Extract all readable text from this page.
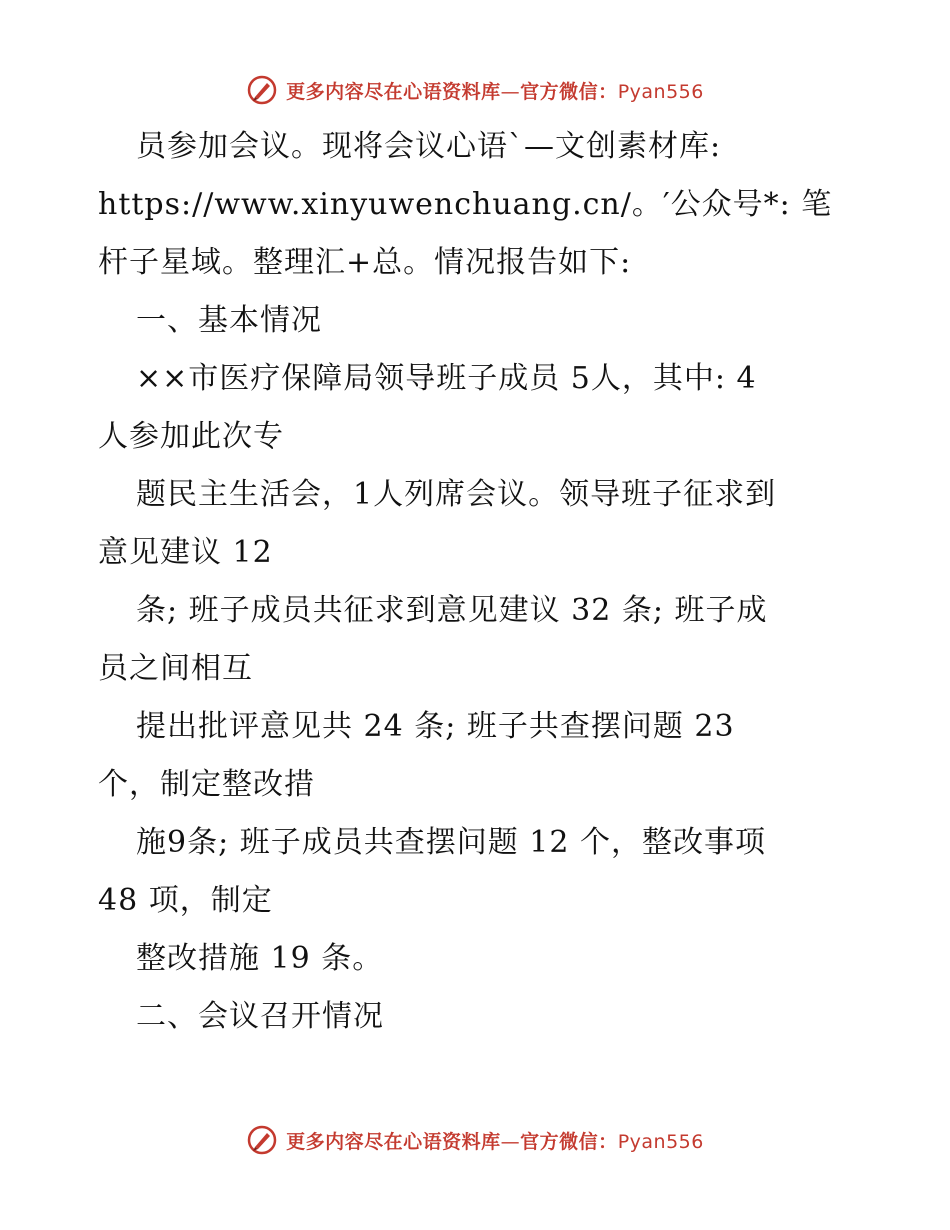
更多内容尽在心语资料库—官方微信：Pyan556
员参加会议。现将会议心语`—文创素材库:
https://www.xinyuwenchuang.cn/。′公众号*: 笔
杆子星域。整理汇+总。情况报告如下:
一、基本情况
××市医疗保障局领导班子成员 5人，其中: 4
人参加此次专
题民主生活会，1人列席会议。领导班子征求到
意见建议 12
条; 班子成员共征求到意见建议 32 条; 班子成
员之间相互
提出批评意见共 24 条; 班子共查摆问题 23
个，制定整改措
施9条; 班子成员共查摆问题 12 个，整改事项
48 项，制定
整改措施 19 条。
二、会议召开情况
更多内容尽在心语资料库—官方微信：Pyan556
